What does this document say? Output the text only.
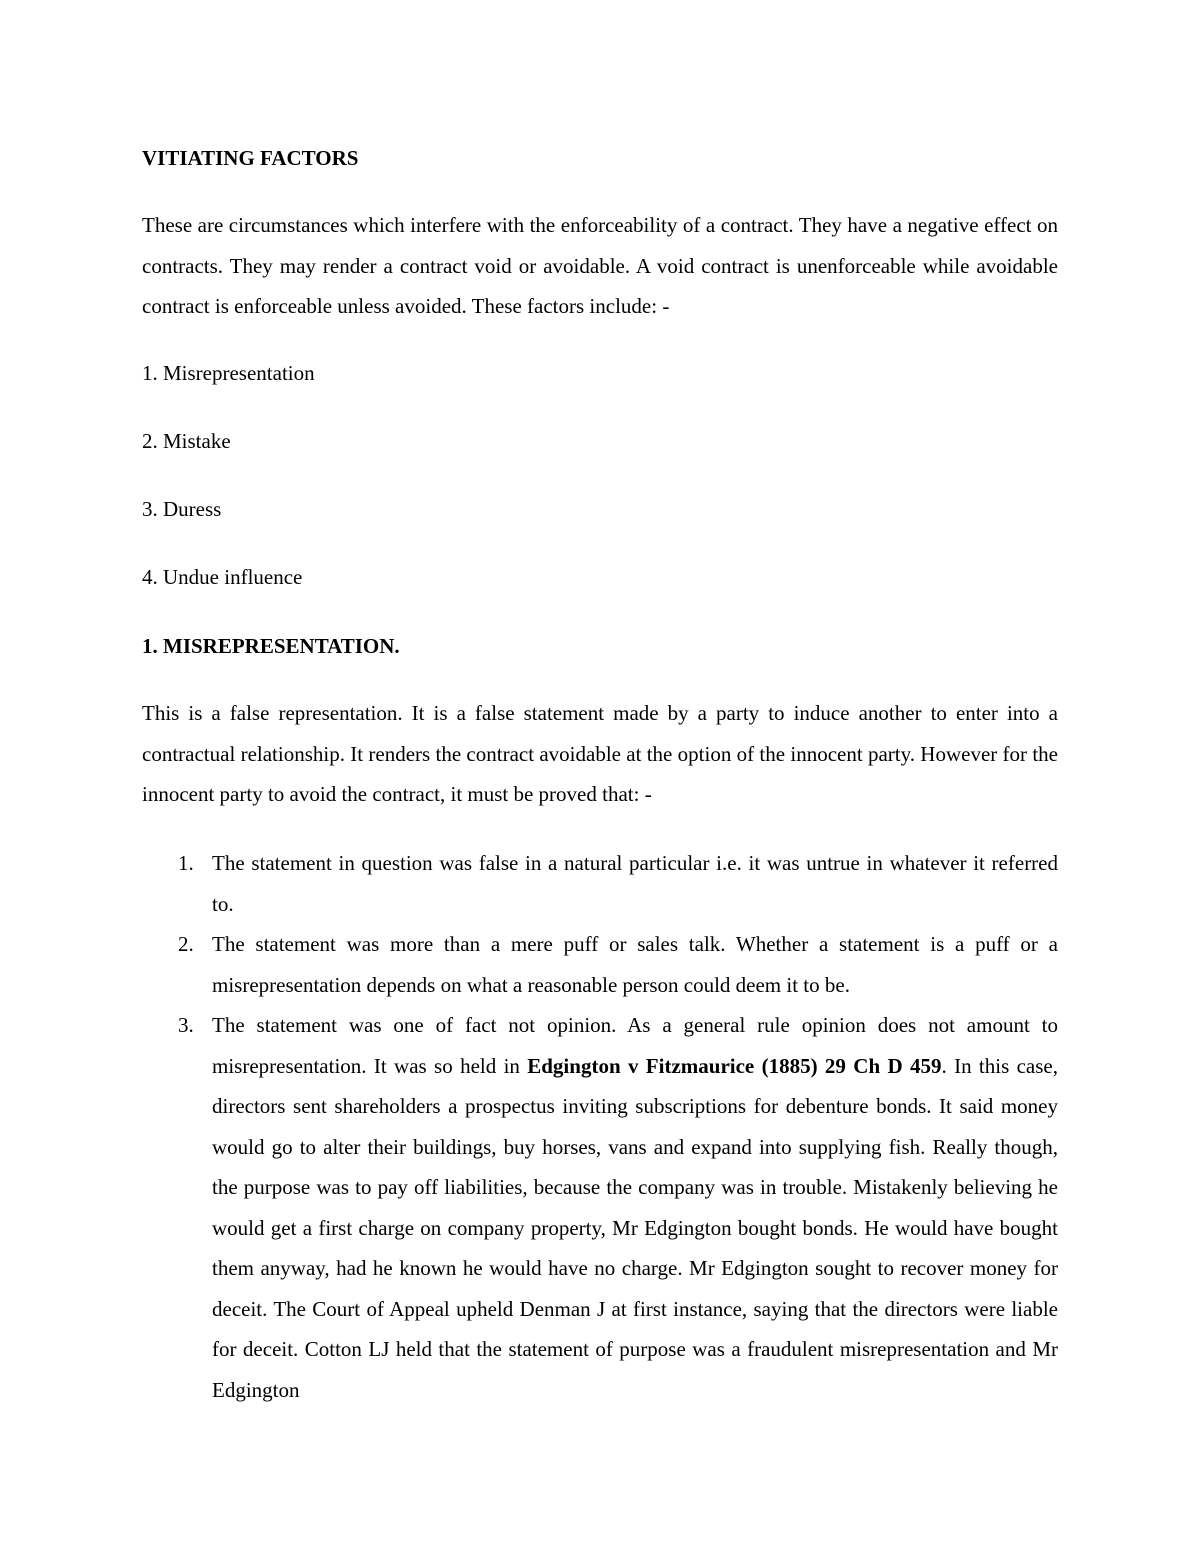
VITIATING FACTORS

These are circumstances which interfere with the enforceability of a contract. They have a negative effect on contracts. They may render a contract void or avoidable. A void contract is unenforceable while avoidable contract is enforceable unless avoided. These factors include: -

1. Misrepresentation

2. Mistake

3. Duress

4. Undue influence

1. MISREPRESENTATION.

This is a false representation. It is a false statement made by a party to induce another to enter into a contractual relationship. It renders the contract avoidable at the option of the innocent party. However for the innocent party to avoid the contract, it must be proved that: -

1. The statement in question was false in a natural particular i.e. it was untrue in whatever it referred to.
2. The statement was more than a mere puff or sales talk. Whether a statement is a puff or a misrepresentation depends on what a reasonable person could deem it to be.
3. The statement was one of fact not opinion. As a general rule opinion does not amount to misrepresentation. It was so held in Edgington v Fitzmaurice (1885) 29 Ch D 459. In this case, directors sent shareholders a prospectus inviting subscriptions for debenture bonds. It said money would go to alter their buildings, buy horses, vans and expand into supplying fish. Really though, the purpose was to pay off liabilities, because the company was in trouble. Mistakenly believing he would get a first charge on company property, Mr Edgington bought bonds. He would have bought them anyway, had he known he would have no charge. Mr Edgington sought to recover money for deceit. The Court of Appeal upheld Denman J at first instance, saying that the directors were liable for deceit. Cotton LJ held that the statement of purpose was a fraudulent misrepresentation and Mr Edgington
